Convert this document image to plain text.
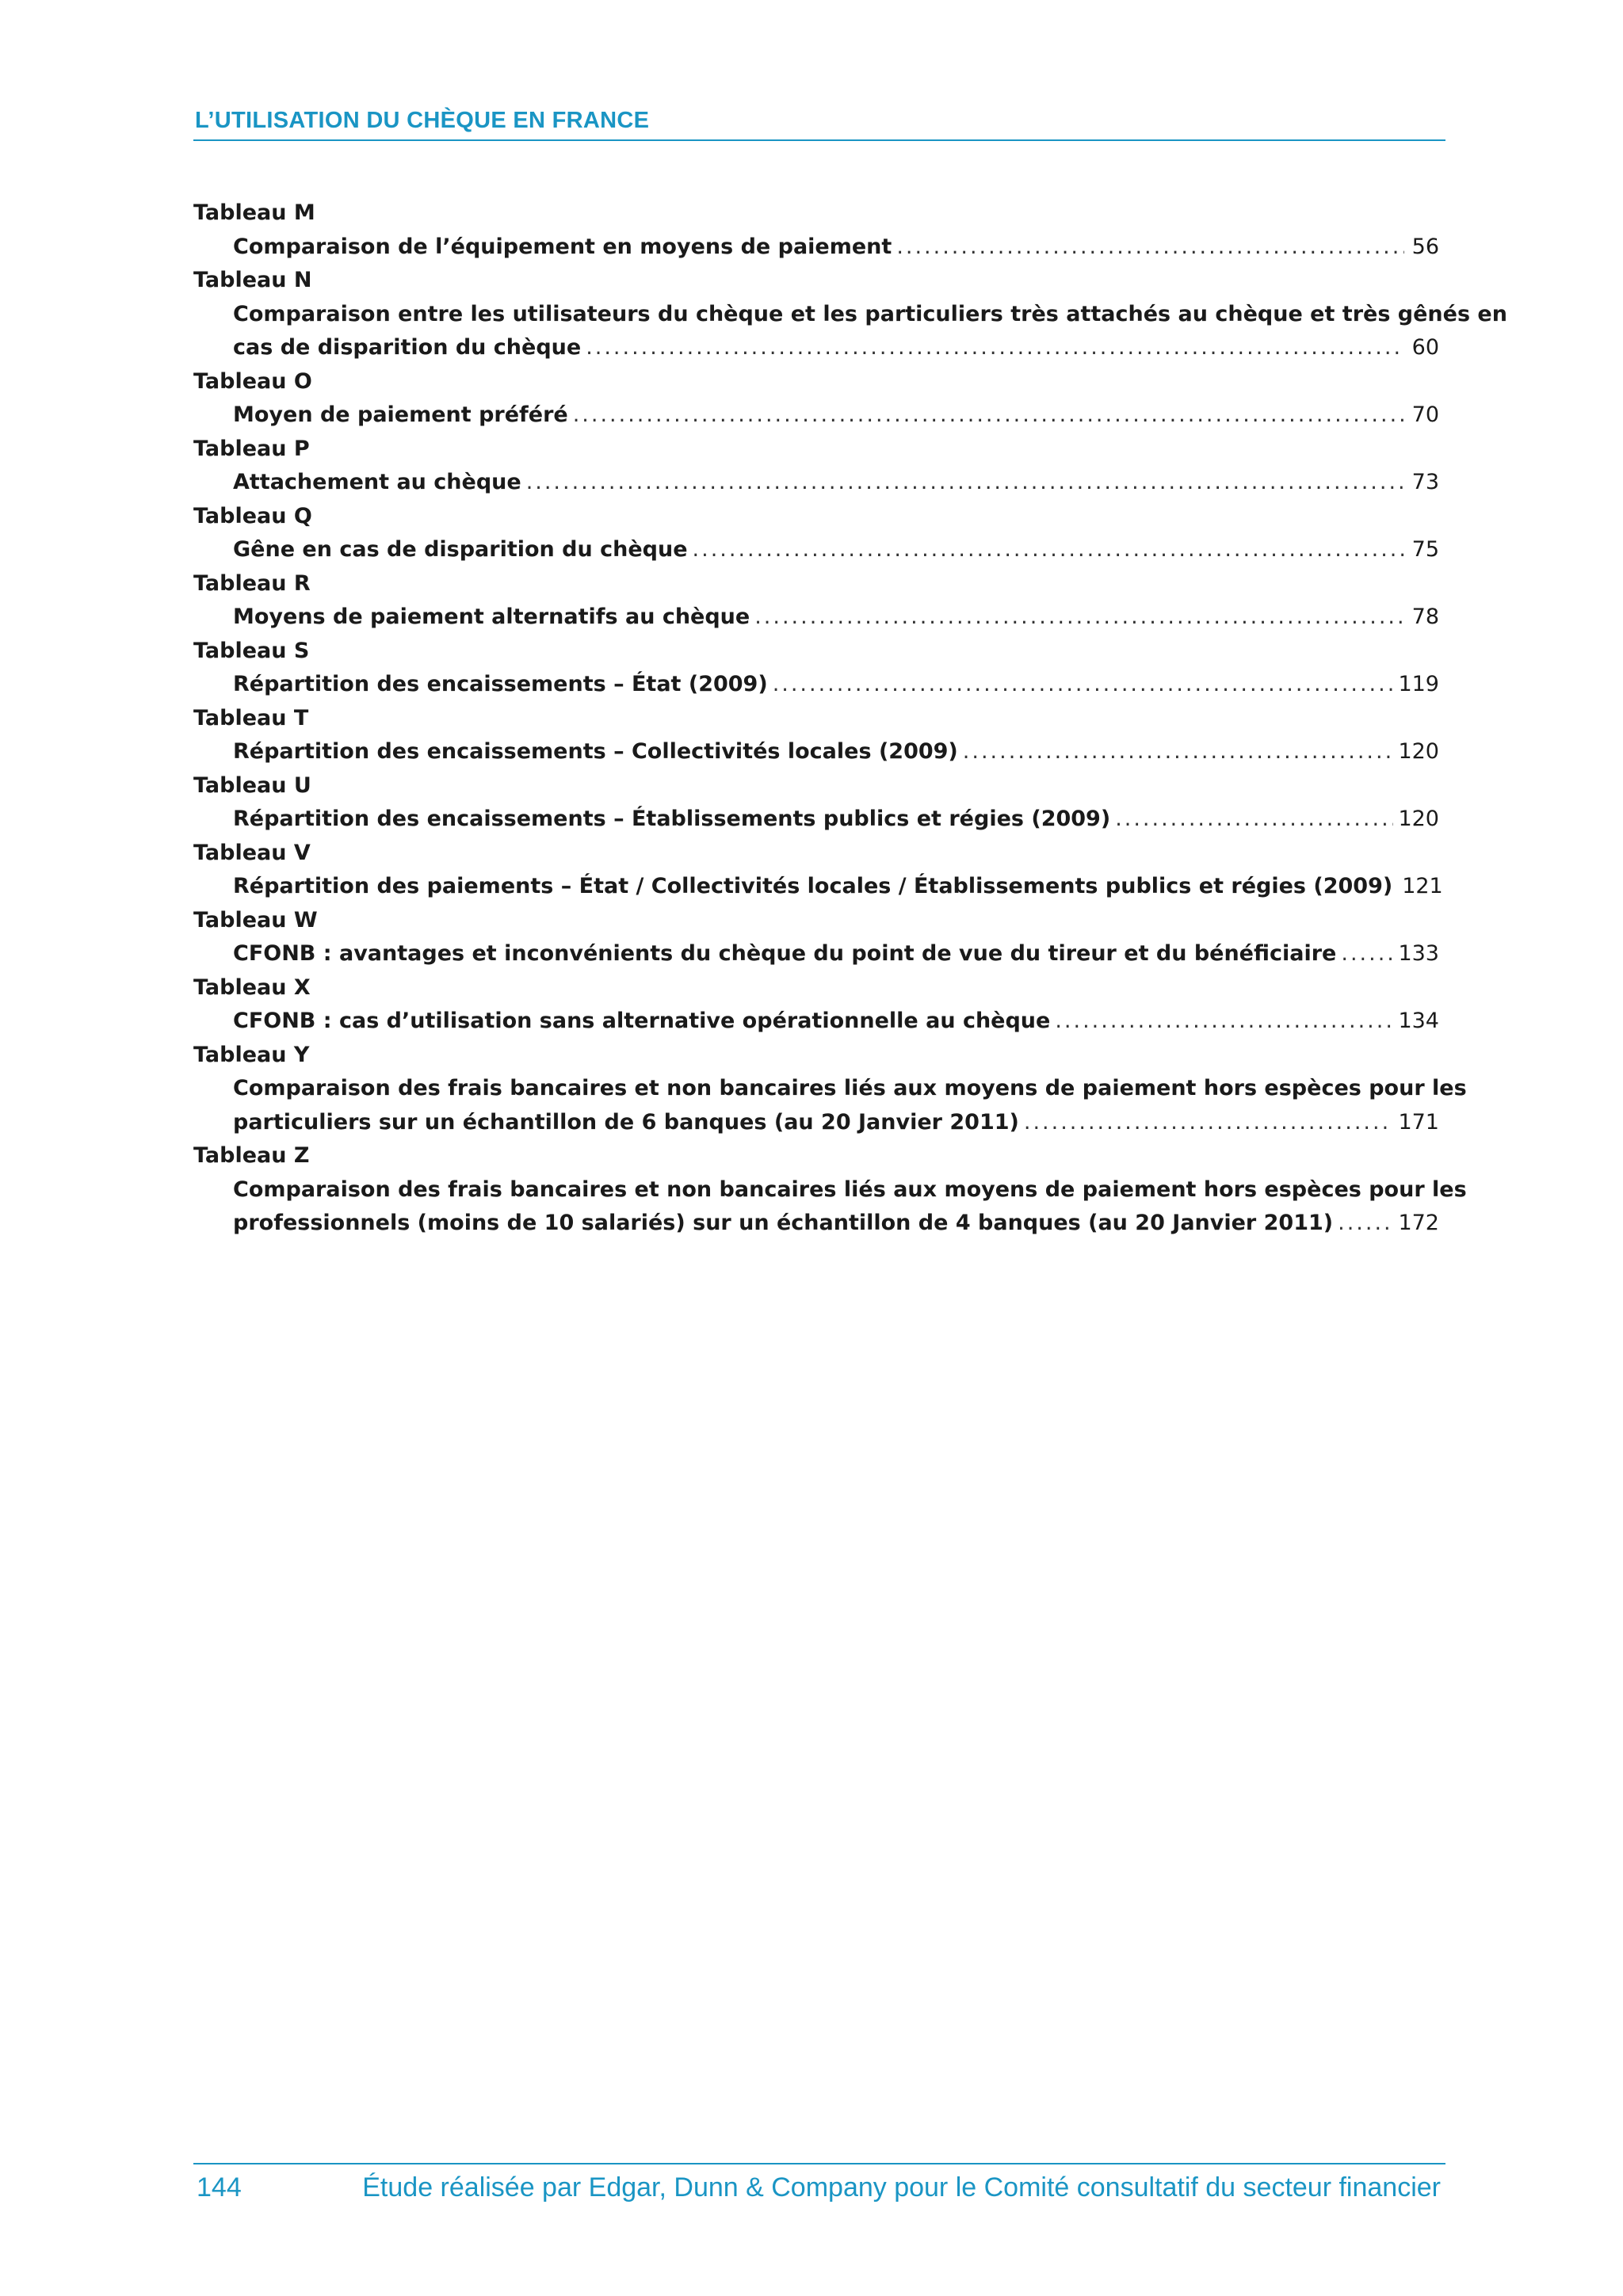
L’UTILISATION DU CHÈQUE EN FRANCE
Tableau M
Comparaison de l’équipement en moyens de paiement .....	56
Tableau N
Comparaison entre les utilisateurs du chèque et les particuliers très attachés au chèque et très gênés en
cas de disparition du chèque .....	60
Tableau O
Moyen de paiement préféré .....	70
Tableau P
Attachement au chèque .....	73
Tableau Q
Gêne en cas de disparition du chèque .....	75
Tableau R
Moyens de paiement alternatifs au chèque .....	78
Tableau S
Répartition des encaissements – État (2009) .....	119
Tableau T
Répartition des encaissements – Collectivités locales (2009) .....	120
Tableau U
Répartition des encaissements – Établissements publics et régies (2009) .....	120
Tableau V
Répartition des paiements – État / Collectivités locales / Établissements publics et régies (2009) 121
Tableau W
CFONB : avantages et inconvénients du chèque du point de vue du tireur et du bénéficiaire .....	133
Tableau X
CFONB : cas d’utilisation sans alternative opérationnelle au chèque .....	134
Tableau Y
Comparaison des frais bancaires et non bancaires liés aux moyens de paiement hors espèces pour les
particuliers sur un échantillon de 6 banques (au 20 Janvier 2011) .....	171
Tableau Z
Comparaison des frais bancaires et non bancaires liés aux moyens de paiement hors espèces pour les
professionnels (moins de 10 salariés) sur un échantillon de 4 banques (au 20 Janvier 2011) .....	172
144	Étude réalisée par Edgar, Dunn & Company pour le Comité consultatif du secteur financier
